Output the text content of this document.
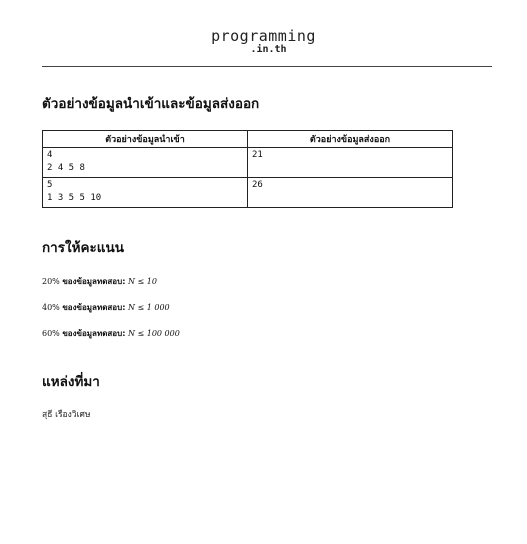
programming
.in.th
ตัวอย่างข้อมูลนำเข้าและข้อมูลส่งออก
ตัวอย่างข้อมูลนำเข้า	ตัวอย่างข้อมูลส่งออก
4
2 4 5 8	21
5
1 3 5 5 10	26
การให้คะแนน
20% ของข้อมูลทดสอบ: N ≤ 10
40% ของข้อมูลทดสอบ: N ≤ 1 000
60% ของข้อมูลทดสอบ: N ≤ 100 000
แหล่งที่มา
สุธี เรืองวิเศษ
